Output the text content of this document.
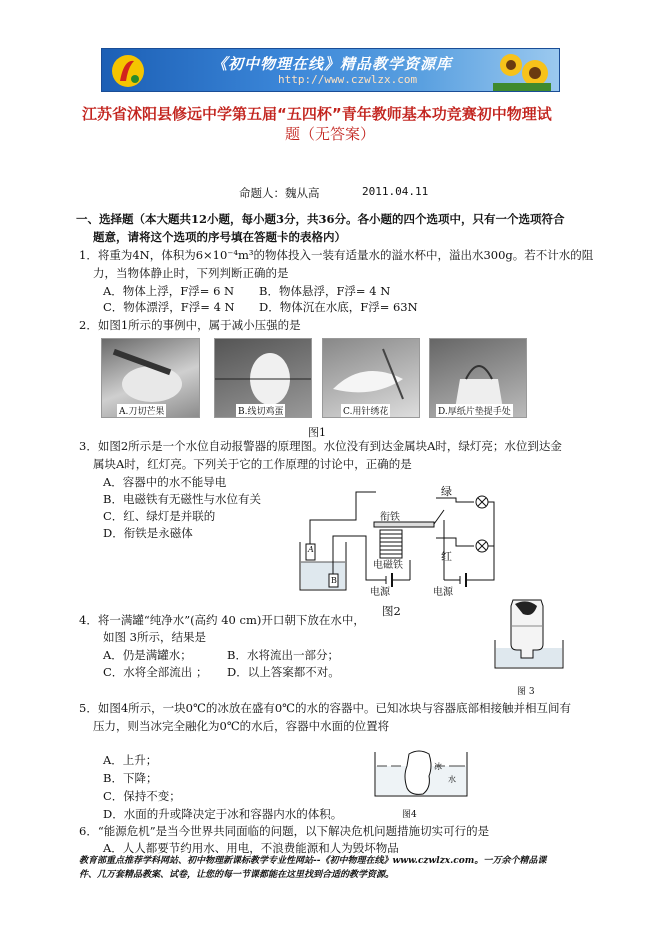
《初中物理在线》精品教学资源库
http://www.czwlzx.com
江苏省沭阳县修远中学第五届“五四杯”青年教师基本功竞赛初中物理试
题（无答案）
命题人：魏从高	2011.04.11
一、选择题（本大题共12小题，每小题3分，共36分。各小题的四个选项中，只有一个选项符合
题意，请将这个选项的序号填在答题卡的表格内）
1．将重为4N，体积为6×10⁻⁴m³的物体投入一装有适量水的溢水杯中，溢出水300g。若不计水的阻
力，当物体静止时，下列判断正确的是
A．物体上浮，F浮= 6 N B．物体悬浮，F浮= 4 N
C．物体漂浮，F浮= 4 N D．物体沉在水底，F浮= 63N
2．如图1所示的事例中，属于减小压强的是
A.刀切芒果	B.线切鸡蛋	C.用针绣花	D.厚纸片垫提手处
图1
3．如图2所示是一个水位自动报警器的原理图。水位没有到达金属块A时，绿灯亮；水位到达金
属块A时，红灯亮。下列关于它的工作原理的讨论中，正确的是
A．容器中的水不能导电
B．电磁铁有无磁性与水位有关
C．红、绿灯是并联的
D．衔铁是永磁体
绿
红
衔铁
电磁铁
电源	电源
A
B
图2
4．将一满罐“纯净水”(高约 40 cm)开口朝下放在水中，
如图 3所示，结果是
A．仍是满罐水；	B．水将流出一部分；
C．水将全部流出 ； D．以上答案都不对。
图 3
5．如图4所示，一块0℃的冰放在盛有0℃的水的容器中。已知冰块与容器底部相接触并相互间有
压力，则当冰完全融化为0℃的水后，容器中水面的位置将
A．上升；
B．下降；
C．保持不变；
D．水面的升或降决定于冰和容器内水的体积。
冰
水
图4
6．“能源危机”是当今世界共同面临的问题，以下解决危机问题措施切实可行的是
A．人人都要节约用水、用电，不浪费能源和人为毁坏物品
教育部重点推荐学科网站、初中物理新课标教学专业性网站--《初中物理在线》www.czwlzx.com。一万余个精品课
件、几万套精品教案、试卷，让您的每一节课都能在这里找到合适的教学资源。
